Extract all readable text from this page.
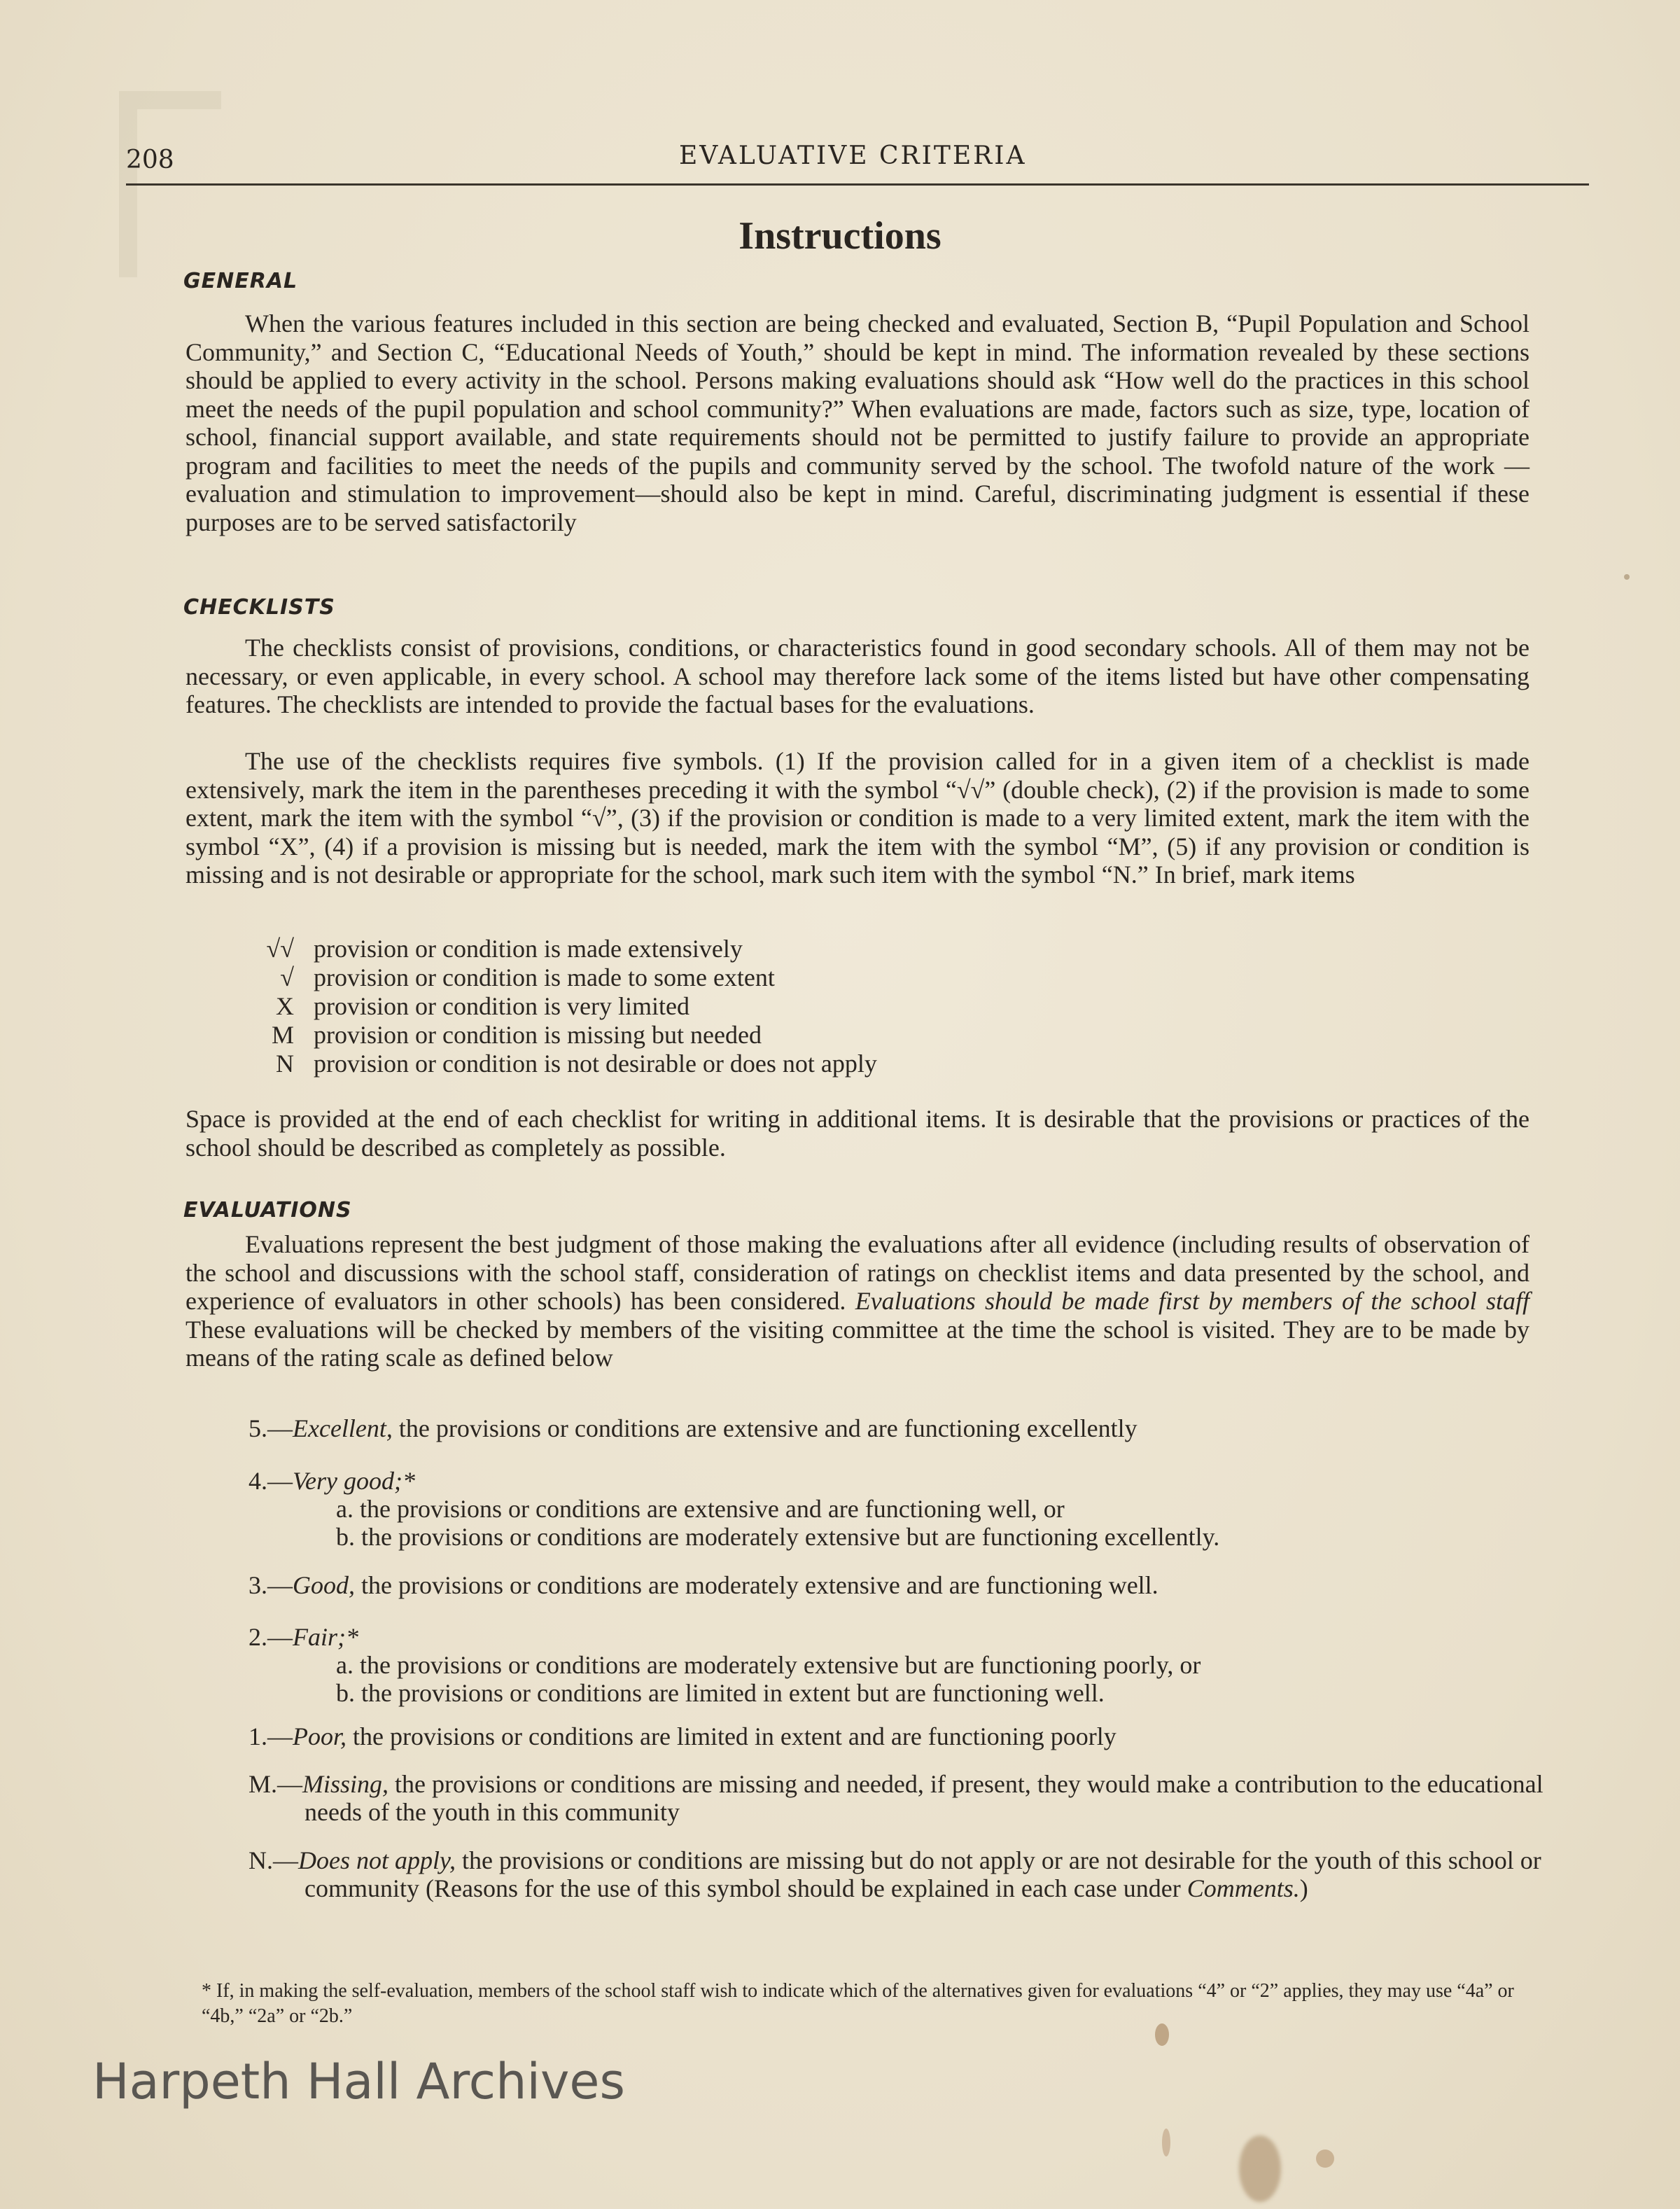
208	EVALUATIVE CRITERIA
Instructions
GENERAL
When the various features included in this section are being checked and evaluated, Section B, “Pupil Population and School Community,” and Section C, “Educational Needs of Youth,” should be kept in mind. The information revealed by these sections should be applied to every activity in the school. Persons making evaluations should ask “How well do the practices in this school meet the needs of the pupil population and school community?” When evaluations are made, factors such as size, type, location of school, financial support available, and state requirements should not be permitted to justify failure to provide an appropriate program and facilities to meet the needs of the pupils and community served by the school. The twofold nature of the work —evaluation and stimulation to improvement—should also be kept in mind. Careful, discriminating judgment is essential if these purposes are to be served satisfactorily
CHECKLISTS
The checklists consist of provisions, conditions, or characteristics found in good secondary schools. All of them may not be necessary, or even applicable, in every school. A school may therefore lack some of the items listed but have other compensating features. The checklists are intended to provide the factual bases for the evaluations.
The use of the checklists requires five symbols. (1) If the provision called for in a given item of a checklist is made extensively, mark the item in the parentheses preceding it with the symbol “√√” (double check), (2) if the provision is made to some extent, mark the item with the symbol “√”, (3) if the provision or condition is made to a very limited extent, mark the item with the symbol “X”, (4) if a provision is missing but is needed, mark the item with the symbol “M”, (5) if any provision or condition is missing and is not desirable or appropriate for the school, mark such item with the symbol “N.” In brief, mark items
√√ provision or condition is made extensively
√ provision or condition is made to some extent
X provision or condition is very limited
M provision or condition is missing but needed
N provision or condition is not desirable or does not apply
Space is provided at the end of each checklist for writing in additional items. It is desirable that the provisions or practices of the school should be described as completely as possible.
EVALUATIONS
Evaluations represent the best judgment of those making the evaluations after all evidence (including results of observation of the school and discussions with the school staff, consideration of ratings on checklist items and data presented by the school, and experience of evaluators in other schools) has been considered. Evaluations should be made first by members of the school staff These evaluations will be checked by members of the visiting committee at the time the school is visited. They are to be made by means of the rating scale as defined below
5.—Excellent, the provisions or conditions are extensive and are functioning excellently
4.—Very good;*
a. the provisions or conditions are extensive and are functioning well, or
b. the provisions or conditions are moderately extensive but are functioning excellently.
3.—Good, the provisions or conditions are moderately extensive and are functioning well.
2.—Fair;*
a. the provisions or conditions are moderately extensive but are functioning poorly, or
b. the provisions or conditions are limited in extent but are functioning well.
1.—Poor, the provisions or conditions are limited in extent and are functioning poorly
M.—Missing, the provisions or conditions are missing and needed, if present, they would make a contribution to the educational needs of the youth in this community
N.—Does not apply, the provisions or conditions are missing but do not apply or are not desirable for the youth of this school or community (Reasons for the use of this symbol should be explained in each case under Comments.)
* If, in making the self-evaluation, members of the school staff wish to indicate which of the alternatives given for evaluations “4” or “2” applies, they may use “4a” or “4b,” “2a” or “2b.”
Harpeth Hall Archives
